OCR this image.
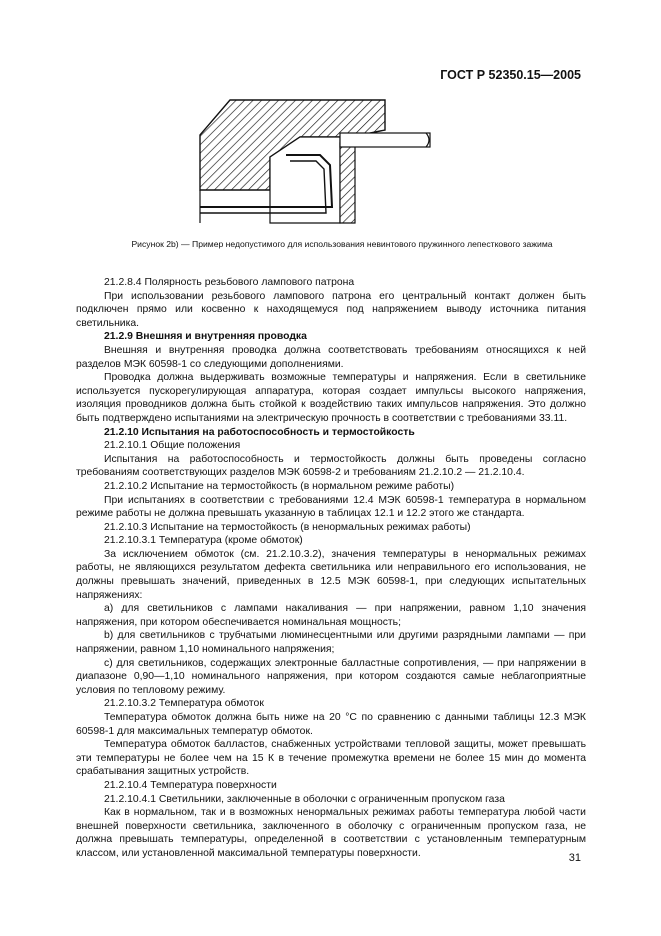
ГОСТ Р 52350.15—2005
Рисунок 2b) — Пример недопустимого для использования невинтового пружинного лепесткового зажима

21.2.8.4 Полярность резьбового лампового патрона

При использовании резьбового лампового патрона его центральный контакт должен быть подключен прямо или косвенно к находящемуся под напряжением выводу источника питания светильника.

21.2.9 Внешняя и внутренняя проводка

Внешняя и внутренняя проводка должна соответствовать требованиям относящихся к ней разделов МЭК 60598-1 со следующими дополнениями.

Проводка должна выдерживать возможные температуры и напряжения. Если в светильнике используется пускорегулирующая аппаратура, которая создает импульсы высокого напряжения, изоляция проводников должна быть стойкой к воздействию таких импульсов напряжения. Это должно быть подтверждено испытаниями на электрическую прочность в соответствии с требованиями 33.11.

21.2.10 Испытания на работоспособность и термостойкость

21.2.10.1 Общие положения

Испытания на работоспособность и термостойкость должны быть проведены согласно требованиям соответствующих разделов МЭК 60598-2 и требованиям 21.2.10.2 — 21.2.10.4.

21.2.10.2 Испытание на термостойкость (в нормальном режиме работы)

При испытаниях в соответствии с требованиями 12.4 МЭК 60598-1 температура в нормальном режиме работы не должна превышать указанную в таблицах 12.1 и 12.2 этого же стандарта.

21.2.10.3 Испытание на термостойкость (в ненормальных режимах работы)

21.2.10.3.1 Температура (кроме обмоток)

За исключением обмоток (см. 21.2.10.3.2), значения температуры в ненормальных режимах работы, не являющихся результатом дефекта светильника или неправильного его использования, не должны превышать значений, приведенных в 12.5 МЭК 60598-1, при следующих испытательных напряжениях:

а) для светильников с лампами накаливания — при напряжении, равном 1,10 значения напряжения, при котором обеспечивается номинальная мощность;

b) для светильников с трубчатыми люминесцентными или другими разрядными лампами — при напряжении, равном 1,10 номинального напряжения;

с) для светильников, содержащих электронные балластные сопротивления, — при напряжении в диапазоне 0,90—1,10 номинального напряжения, при котором создаются самые неблагоприятные условия по тепловому режиму.

21.2.10.3.2 Температура обмоток

Температура обмоток должна быть ниже на 20 °С по сравнению с данными таблицы 12.3 МЭК 60598-1 для максимальных температур обмоток.

Температура обмоток балластов, снабженных устройствами тепловой защиты, может превышать эти температуры не более чем на 15 К в течение промежутка времени не более 15 мин до момента срабатывания защитных устройств.

21.2.10.4 Температура поверхности

21.2.10.4.1 Светильники, заключенные в оболочки с ограниченным пропуском газа

Как в нормальном, так и в возможных ненормальных режимах работы температура любой части внешней поверхности светильника, заключенного в оболочку с ограниченным пропуском газа, не должна превышать температуры, определенной в соответствии с установленным температурным классом, или установленной максимальной температуры поверхности.	31
